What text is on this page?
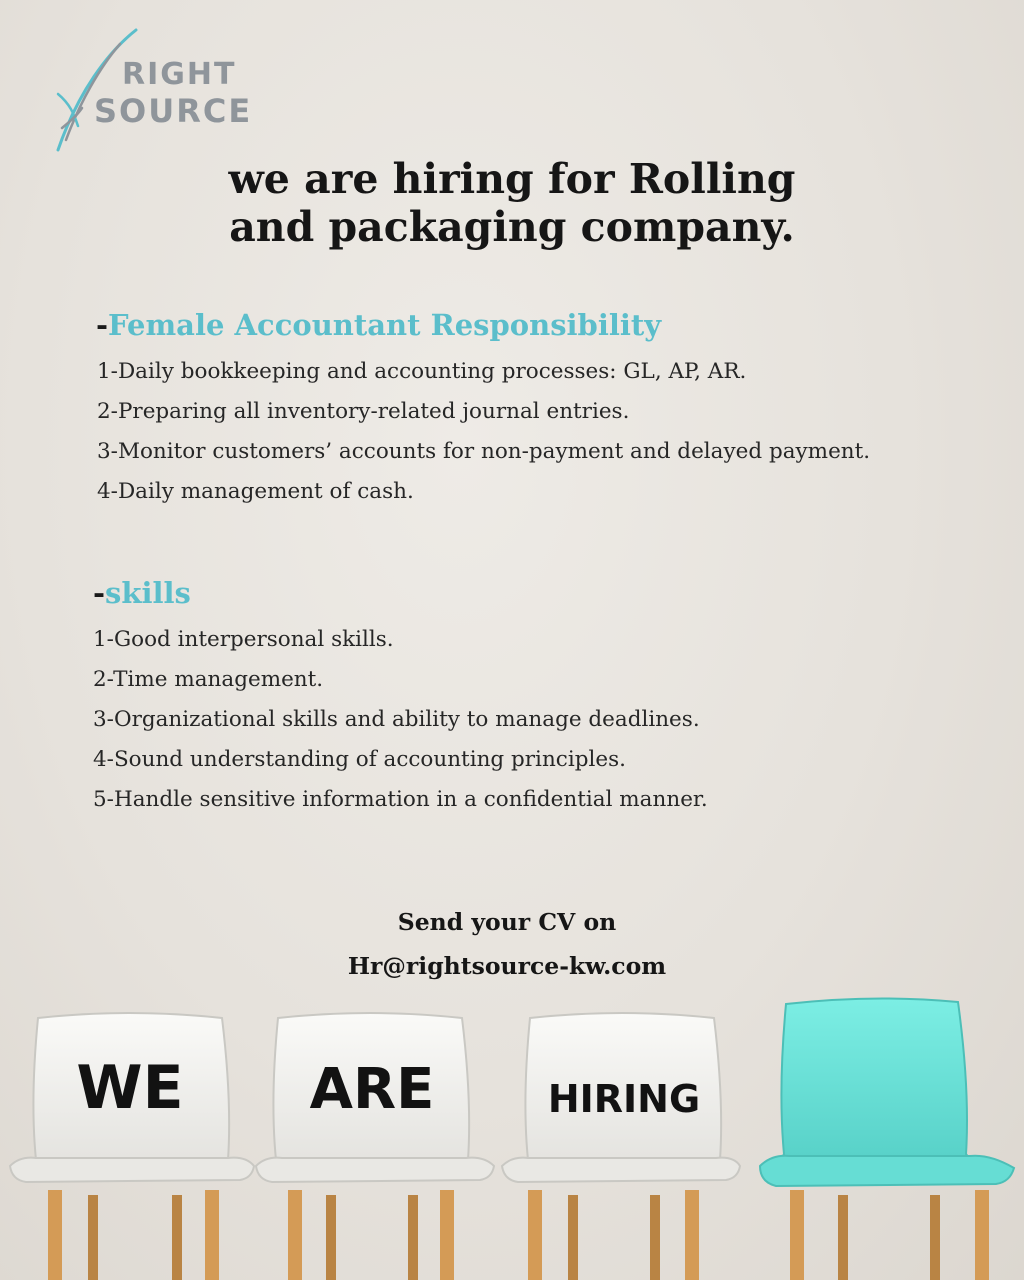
RIGHT
SOURCE
we are hiring for Rolling
and packaging company.
-Female Accountant Responsibility
1-Daily bookkeeping and accounting processes: GL, AP, AR.
2-Preparing all inventory-related journal entries.
3-Monitor customers’ accounts for non-payment and delayed payment.
4-Daily management of cash.
-skills
1-Good interpersonal skills.
2-Time management.
3-Organizational skills and ability to manage deadlines.
4-Sound understanding of accounting principles.
5-Handle sensitive information in a confidential manner.
Send your CV on
Hr@rightsource-kw.com
WE ARE	HIRING
